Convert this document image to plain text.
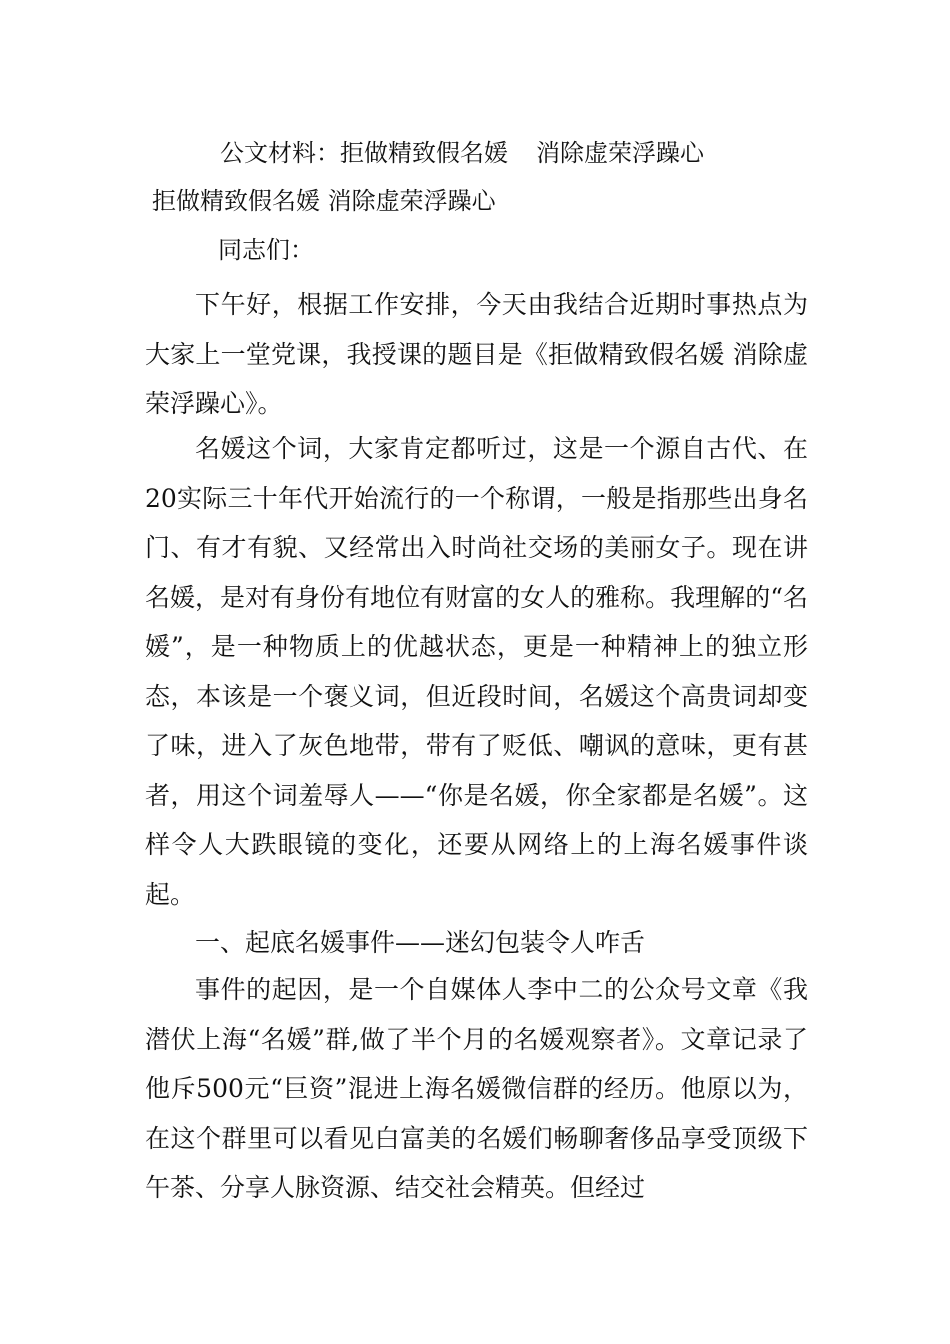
公文材料：拒做精致假名媛 消除虚荣浮躁心
拒做精致假名媛 消除虚荣浮躁心
同志们：

下午好，根据工作安排，今天由我结合近期时事热点为大家上一堂党课，我授课的题目是《拒做精致假名媛 消除虚荣浮躁心》。

名媛这个词，大家肯定都听过，这是一个源自古代、在20实际三十年代开始流行的一个称谓，一般是指那些出身名门、有才有貌、又经常出入时尚社交场的美丽女子。现在讲名媛，是对有身份有地位有财富的女人的雅称。我理解的“名媛”，是一种物质上的优越状态，更是一种精神上的独立形态，本该是一个褒义词，但近段时间，名媛这个高贵词却变了味，进入了灰色地带，带有了贬低、嘲讽的意味，更有甚者，用这个词羞辱人——“你是名媛，你全家都是名媛”。这样令人大跌眼镜的变化，还要从网络上的上海名媛事件谈起。

一、起底名媛事件——迷幻包装令人咋舌

事件的起因，是一个自媒体人李中二的公众号文章《我潜伏上海“名媛”群,做了半个月的名媛观察者》。文章记录了他斥500元“巨资”混进上海名媛微信群的经历。他原以为，在这个群里可以看见白富美的名媛们畅聊奢侈品享受顶级下午茶、分享人脉资源、结交社会精英。但经过
